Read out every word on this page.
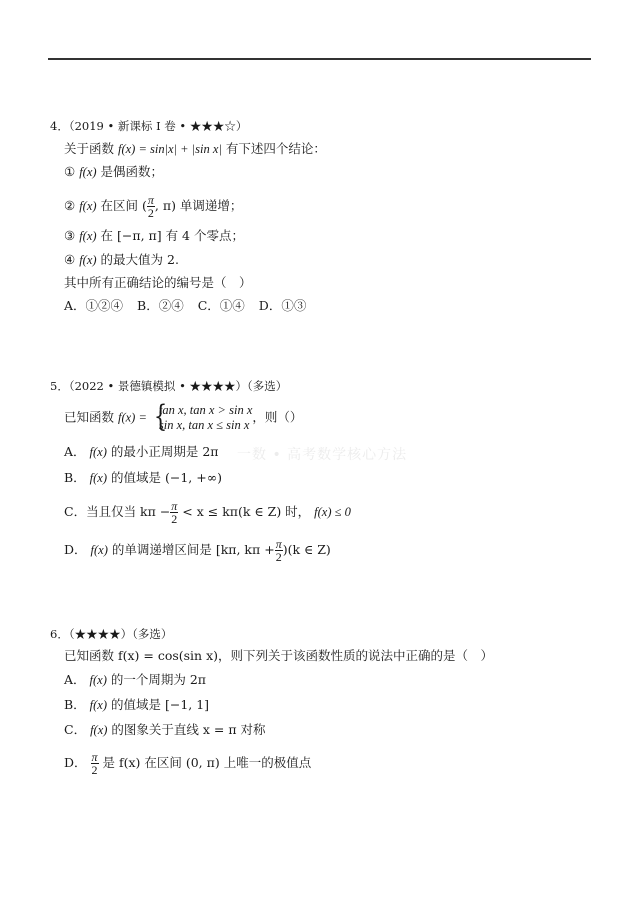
4．（2019 • 新课标 Ⅰ 卷 • ★★★☆）
关于函数 f(x) = sin|x| + |sin x| 有下述四个结论：
① f(x) 是偶函数；
② f(x) 在区间 ( $\frac{\pi}{2}$ , π) 单调递增；
③ f(x) 在 [−π, π] 有 4 个零点；
④ f(x) 的最大值为 2.
其中所有正确结论的编号是（　）
A．①②④ B．②④ C．①④ D．①③
5．（2022 • 景德镇模拟 • ★★★★）（多选）
已知函数 f(x) = {
tan x, tan x > sin x
sin x, tan x ≤ sin x
，则（）
A． f(x) 的最小正周期是 2π
B． f(x) 的值域是 (−1, +∞)
C．当且仅当 $k\pi - \frac{\pi}{2} < x \le k\pi(k$ ∈ Z) 时， f(x) ≤ 0
D． f(x) 的单调递增区间是 [kπ, $k\pi + \frac{\pi}{2} )(k$ ∈ Z)
一数 • 高考数学核心方法
6．（★★★★）（多选）
已知函数 f(x) = cos(sin x)，则下列关于该函数性质的说法中正确的是（　）
A． f(x) 的一个周期为 2π
B． f(x) 的值域是 [−1, 1]
C． f(x) 的图象关于直线 x = π 对称
D． $\frac{\pi}{2}$ 是 f(x) 在区间 (0, π) 上唯一的极值点
